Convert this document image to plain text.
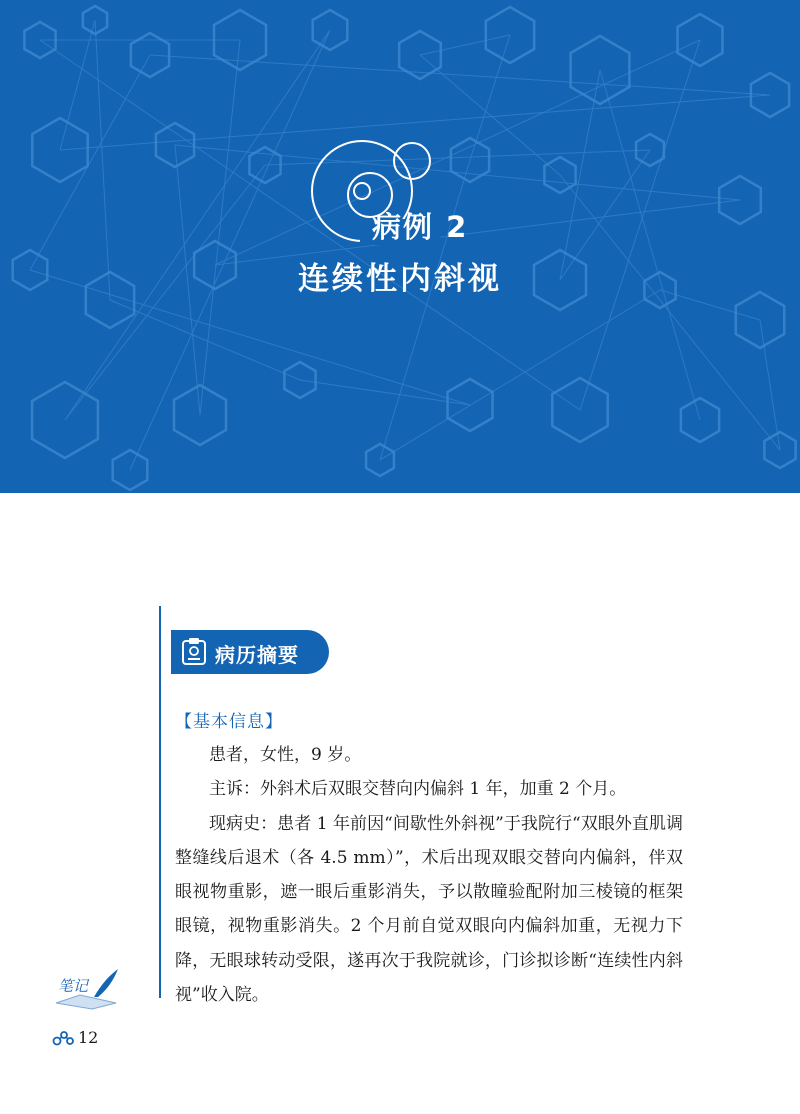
病例 2
连续性内斜视
病历摘要
【基本信息】

患者，女性，9 岁。

主诉：外斜术后双眼交替向内偏斜 1 年，加重 2 个月。

现病史：患者 1 年前因“间歇性外斜视”于我院行“双眼外直肌调整缝线后退术（各 4.5 mm）”，术后出现双眼交替向内偏斜，伴双眼视物重影，遮一眼后重影消失，予以散瞳验配附加三棱镜的框架眼镜，视物重影消失。2 个月前自觉双眼向内偏斜加重，无视力下降，无眼球转动受限，遂再次于我院就诊，门诊拟诊断“连续性内斜视”收入院。

笔记
12
